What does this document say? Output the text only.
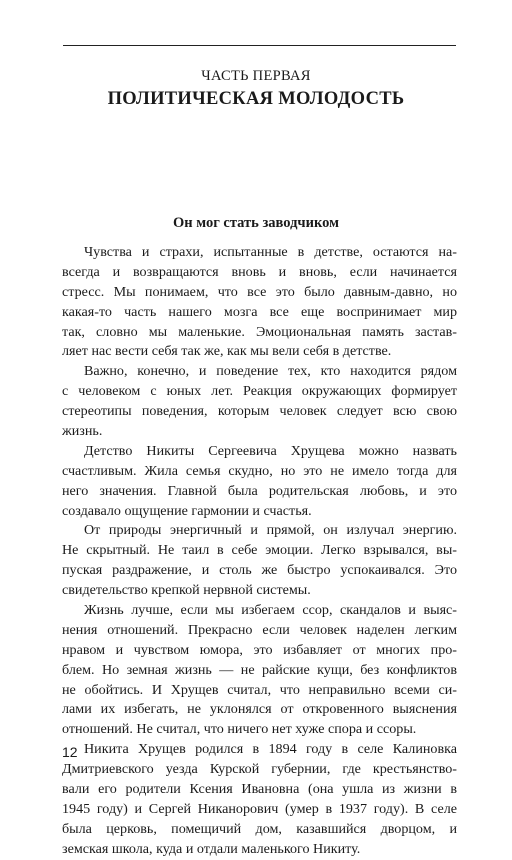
ЧАСТЬ ПЕРВАЯ
ПОЛИТИЧЕСКАЯ МОЛОДОСТЬ
Он мог стать заводчиком
Чувства и страхи, испытанные в детстве, остаются на-
всегда и возвращаются вновь и вновь, если начинается
стресс. Мы понимаем, что все это было давным-давно, но
какая-то часть нашего мозга все еще воспринимает мир
так, словно мы маленькие. Эмоциональная память застав-
ляет нас вести себя так же, как мы вели себя в детстве.
Важно, конечно, и поведение тех, кто находится рядом
с человеком с юных лет. Реакция окружающих формирует
стереотипы поведения, которым человек следует всю свою
жизнь.
Детство Никиты Сергеевича Хрущева можно назвать
счастливым. Жила семья скудно, но это не имело тогда для
него значения. Главной была родительская любовь, и это
создавало ощущение гармонии и счастья.
От природы энергичный и прямой, он излучал энергию.
Не скрытный. Не таил в себе эмоции. Легко взрывался, вы-
пуская раздражение, и столь же быстро успокаивался. Это
свидетельство крепкой нервной системы.
Жизнь лучше, если мы избегаем ссор, скандалов и выяс-
нения отношений. Прекрасно если человек наделен легким
нравом и чувством юмора, это избавляет от многих про-
блем. Но земная жизнь — не райские кущи, без конфликтов
не обойтись. И Хрущев считал, что неправильно всеми си-
лами их избегать, не уклонялся от откровенного выяснения
отношений. Не считал, что ничего нет хуже спора и ссоры.
Никита Хрущев родился в 1894 году в селе Калиновка
Дмитриевского уезда Курской губернии, где крестьянство-
вали его родители Ксения Ивановна (она ушла из жизни в
1945 году) и Сергей Никанорович (умер в 1937 году). В селе
была церковь, помещичий дом, казавшийся дворцом, и
земская школа, куда и отдали маленького Никиту.
12
